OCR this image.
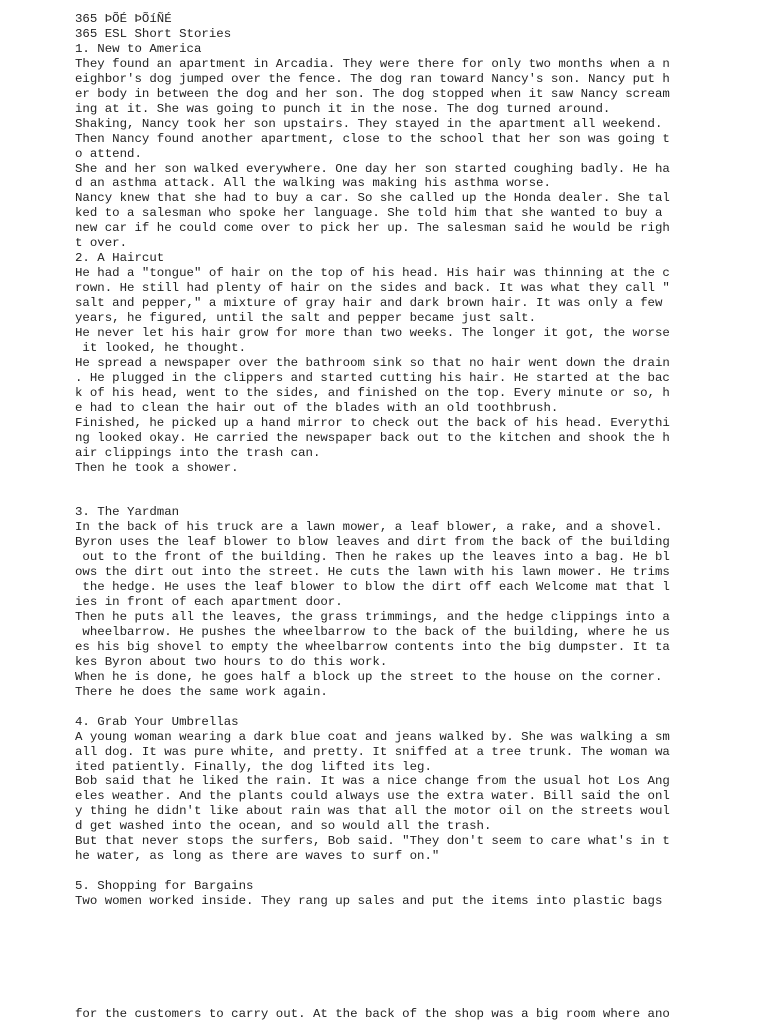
365 ÞÕÉ ÞÕíÑÉ
365 ESL Short Stories
1. New to America
They found an apartment in Arcadia. They were there for only two months when a n
eighbor's dog jumped over the fence. The dog ran toward Nancy's son. Nancy put h
er body in between the dog and her son. The dog stopped when it saw Nancy scream
ing at it. She was going to punch it in the nose. The dog turned around.
Shaking, Nancy took her son upstairs. They stayed in the apartment all weekend.
Then Nancy found another apartment, close to the school that her son was going t
o attend.
She and her son walked everywhere. One day her son started coughing badly. He ha
d an asthma attack. All the walking was making his asthma worse.
Nancy knew that she had to buy a car. So she called up the Honda dealer. She tal
ked to a salesman who spoke her language. She told him that she wanted to buy a
new car if he could come over to pick her up. The salesman said he would be righ
t over.
2. A Haircut
He had a "tongue" of hair on the top of his head. His hair was thinning at the c
rown. He still had plenty of hair on the sides and back. It was what they call "
salt and pepper," a mixture of gray hair and dark brown hair. It was only a few
years, he figured, until the salt and pepper became just salt.
He never let his hair grow for more than two weeks. The longer it got, the worse
it looked, he thought.
He spread a newspaper over the bathroom sink so that no hair went down the drain
. He plugged in the clippers and started cutting his hair. He started at the bac
k of his head, went to the sides, and finished on the top. Every minute or so, h
e had to clean the hair out of the blades with an old toothbrush.
Finished, he picked up a hand mirror to check out the back of his head. Everythi
ng looked okay. He carried the newspaper back out to the kitchen and shook the h
air clippings into the trash can.
Then he took a shower.
3. The Yardman
In the back of his truck are a lawn mower, a leaf blower, a rake, and a shovel.
Byron uses the leaf blower to blow leaves and dirt from the back of the building
out to the front of the building. Then he rakes up the leaves into a bag. He bl
ows the dirt out into the street. He cuts the lawn with his lawn mower. He trims
the hedge. He uses the leaf blower to blow the dirt off each Welcome mat that l
ies in front of each apartment door.
Then he puts all the leaves, the grass trimmings, and the hedge clippings into a
wheelbarrow. He pushes the wheelbarrow to the back of the building, where he us
es his big shovel to empty the wheelbarrow contents into the big dumpster. It ta
kes Byron about two hours to do this work.
When he is done, he goes half a block up the street to the house on the corner.
There he does the same work again.
4. Grab Your Umbrellas
A young woman wearing a dark blue coat and jeans walked by. She was walking a sm
all dog. It was pure white, and pretty. It sniffed at a tree trunk. The woman wa
ited patiently. Finally, the dog lifted its leg.
Bob said that he liked the rain. It was a nice change from the usual hot Los Ang
eles weather. And the plants could always use the extra water. Bill said the onl
y thing he didn't like about rain was that all the motor oil on the streets woul
d get washed into the ocean, and so would all the trash.
But that never stops the surfers, Bob said. "They don't seem to care what's in t
he water, as long as there are waves to surf on."
5. Shopping for Bargains
Two women worked inside. They rang up sales and put the items into plastic bags
for the customers to carry out. At the back of the shop was a big room where ano
